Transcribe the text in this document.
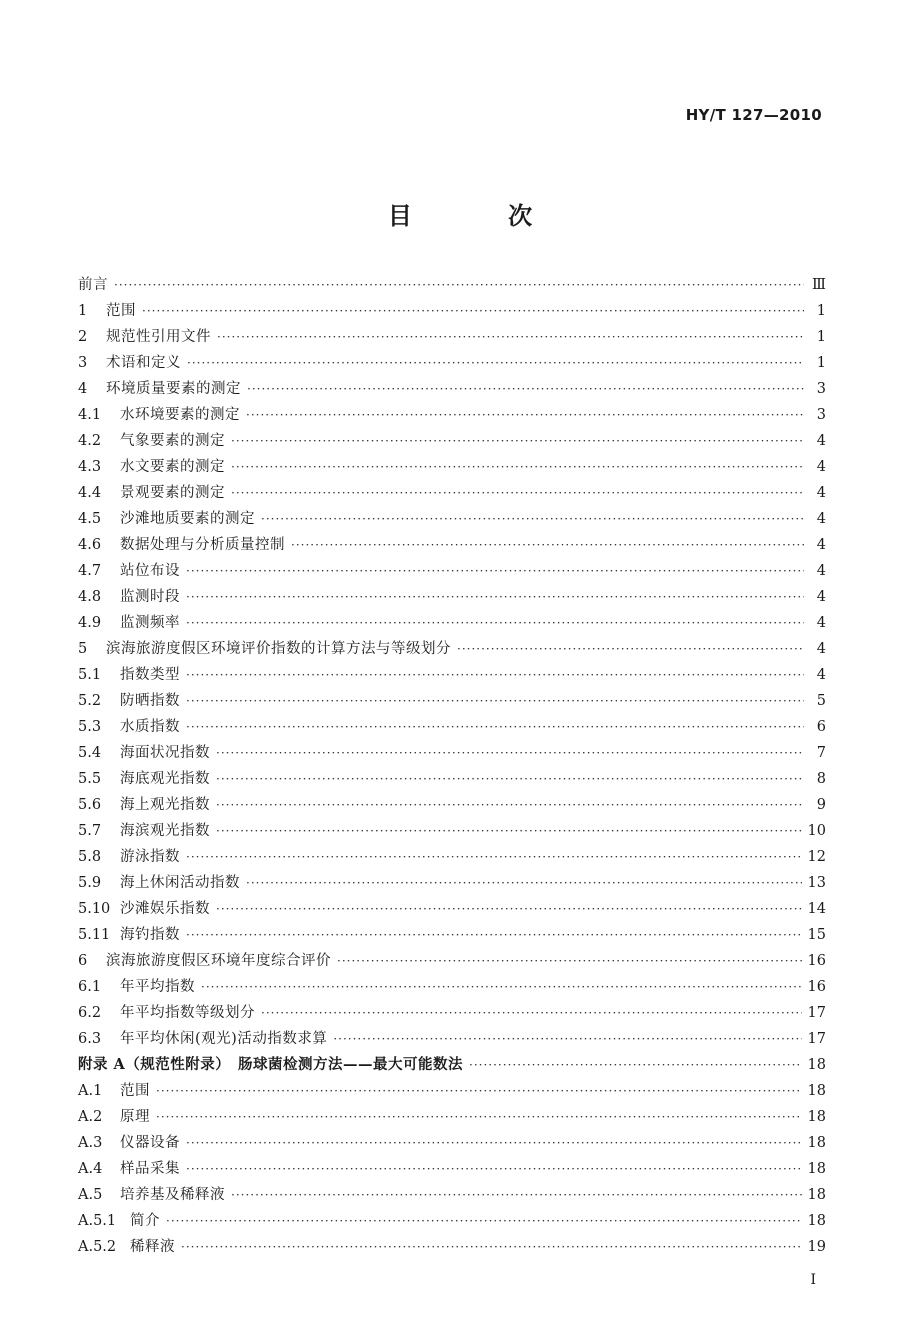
HY/T 127—2010
目 次
前言 ·····	Ⅲ
1	范围 ·····	1
2	规范性引用文件 ·····	1
3	术语和定义 ·····	1
4	环境质量要素的测定 ·····	3
4.1	水环境要素的测定 ·····	3
4.2	气象要素的测定 ·····	4
4.3	水文要素的测定 ·····	4
4.4	景观要素的测定 ·····	4
4.5	沙滩地质要素的测定 ·····	4
4.6	数据处理与分析质量控制 ·····	4
4.7	站位布设 ·····	4
4.8	监测时段 ·····	4
4.9	监测频率 ·····	4
5	滨海旅游度假区环境评价指数的计算方法与等级划分 ·····	4
5.1	指数类型 ·····	4
5.2	防晒指数 ·····	5
5.3	水质指数 ·····	6
5.4	海面状况指数 ·····	7
5.5	海底观光指数 ·····	8
5.6	海上观光指数 ·····	9
5.7	海滨观光指数 ·····	10
5.8	游泳指数 ·····	12
5.9	海上休闲活动指数 ·····	13
5.10 沙滩娱乐指数 ·····	14
5.11 海钓指数 ·····	15
6	滨海旅游度假区环境年度综合评价 ·····	16
6.1	年平均指数 ·····	16
6.2	年平均指数等级划分 ·····	17
6.3	年平均休闲(观光)活动指数求算 ·····	17
附录 A（规范性附录）　肠球菌检测方法——最大可能数法 ·····	18
A.1	范围 ·····	18
A.2	原理 ·····	18
A.3	仪器设备 ·····	18
A.4	样品采集 ·····	18
A.5	培养基及稀释液 ·····	18
A.5.1 简介 ·····	18
A.5.2 稀释液 ·····	19
I
